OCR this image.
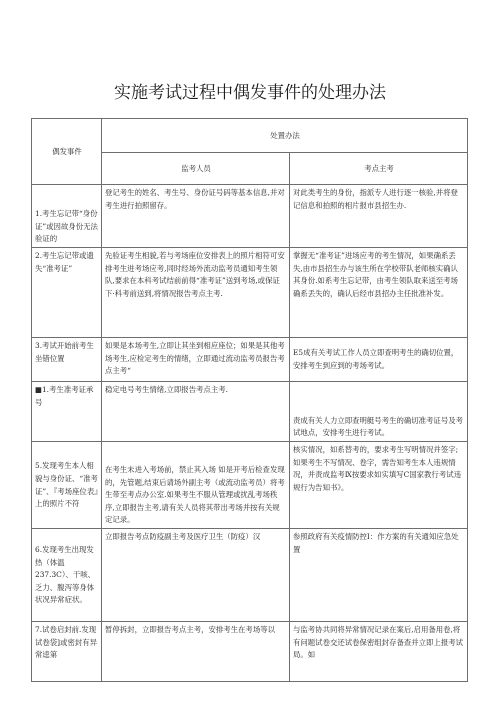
实施考试过程中偶发事件的处理办法
偶发事件	处置办法	
	监考人员	考点主考
1.考生忘记带“身份证”或因故身份无法验证的	登记考生的姓名、考生号、身份证号码等基本信息,并对考生进行拍照留存。	对此类考生的身份，指派专人进行逐一核验,并将登记信息和拍照的相片报市县招生办.
2.考生忘记带或遗失“准考证”	先验证考生相貌,若与考场座位安排表上的照片相符可安排考生进考场应考,同时经场外流动监考员通知考生领队,要求在本科考试结前前得“准考证”送到考场,或保证下·科考前送到,将情况报告考点主考.	掌握无“准考证”进场应考的考生情况，如果确系丢失,由市县招生办与该生所在学校带队老师核实确认其身份.如系考生忘记带，由考生领队取来送至考场 确系丢失的，确认后经市县招办主任批准补发。
3.考试开始前考生坐错位置	如果是本场考生,立即让其坐到相应座位；如果是其他考场考生,应检定考生的情绪，立即通过流动监考员报告考点主考“	E5成有关考试工作人员立即查明考生的确切位置，安排考生到应到的考场考试。
■1.考生准考证承号	稳定电号考生情绪,立即报告考点主考.	责成有关人力立即查明艇号考生的确切准考证号及考试地点，安排考生进行考试。
5.发现考生本人相貌与身份证、“准考证”、『考场座位表』上的照片不符	在考生未进入考场前，禁止其入场 如是开考后检查发现的，先管题,结束后请场外副主考（或流动监考员）将考生带至考点办公室.如果考生不服从管理或扰乱考场秩序,立即报告主考,请有关人员将其带出考场并按有关规定记录。	核实情况，如系替考的，要求考生写明情况并签字;如果考生不写情况、卷字，需告知考生本人违规情况，并责成监考Ⅸ按要求如实填写C国家教行考试违规行为告知书》。
6.发现考生出现发热（体温237.3C）、干咳、乏力、腹泻等身体状况异常症状。	立即报告考点防疫副主考及医疗卫生（防疫）汉	参照政府有关疫情防控I：作方案的有关通知应急处置
7.试卷启封前.发现试卷袋]或密封有异常逵第	暂停拆封，立即报告考点主考，安排考生在考场等以	与监考协共同将异常情况记录在案后,启用备用卷,将有问题试卷交还试卷保密组封存备查并立即上报考试局。如
